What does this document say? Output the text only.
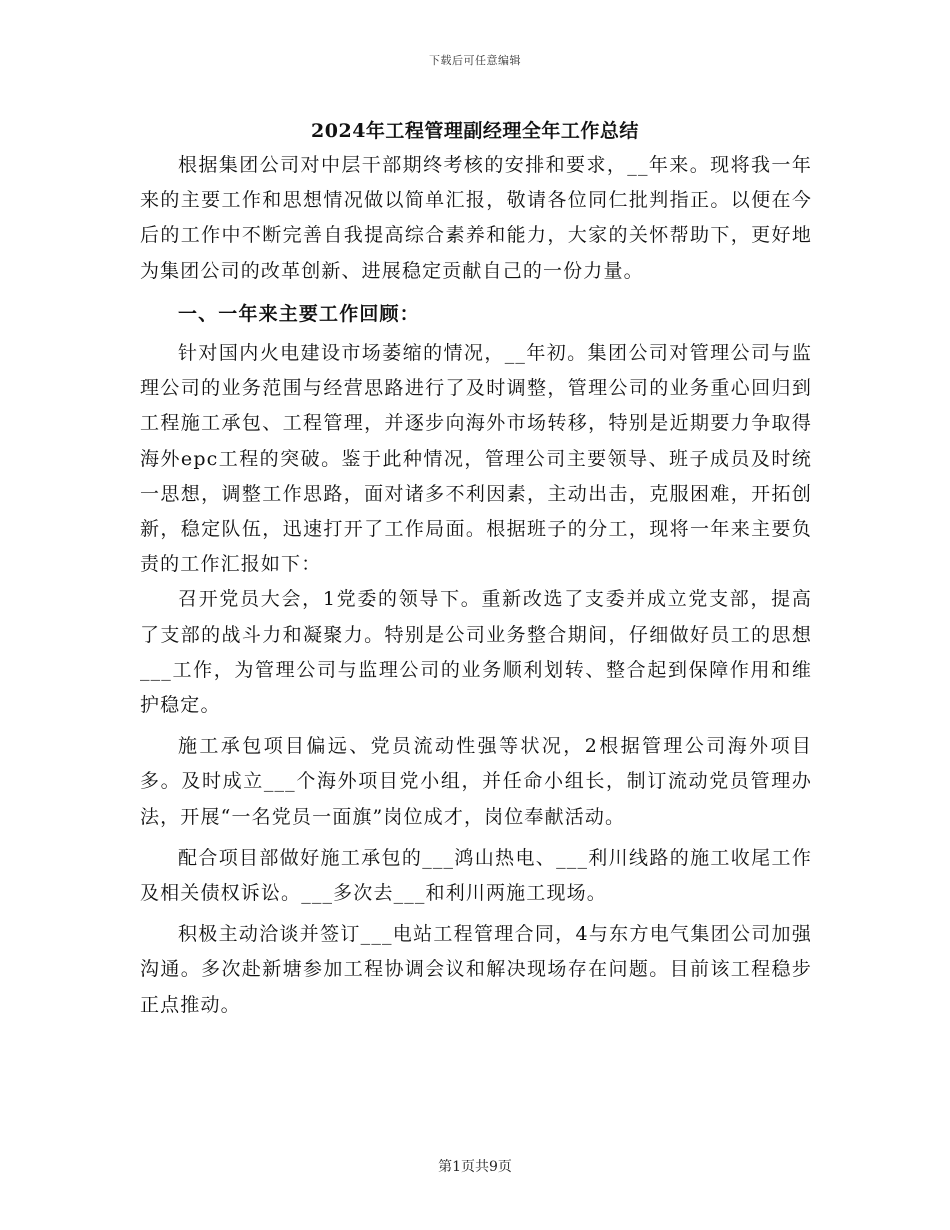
下载后可任意编辑
2024年工程管理副经理全年工作总结

根据集团公司对中层干部期终考核的安排和要求，__年来。现将我一年来的主要工作和思想情况做以简单汇报，敬请各位同仁批判指正。以便在今后的工作中不断完善自我提高综合素养和能力，大家的关怀帮助下，更好地为集团公司的改革创新、进展稳定贡献自己的一份力量。

一、一年来主要工作回顾：

针对国内火电建设市场萎缩的情况，__年初。集团公司对管理公司与监理公司的业务范围与经营思路进行了及时调整，管理公司的业务重心回归到工程施工承包、工程管理，并逐步向海外市场转移，特别是近期要力争取得海外epc工程的突破。鉴于此种情况，管理公司主要领导、班子成员及时统一思想，调整工作思路，面对诸多不利因素，主动出击，克服困难，开拓创新，稳定队伍，迅速打开了工作局面。根据班子的分工，现将一年来主要负责的工作汇报如下：

召开党员大会，1党委的领导下。重新改选了支委并成立党支部，提高了支部的战斗力和凝聚力。特别是公司业务整合期间，仔细做好员工的思想___工作，为管理公司与监理公司的业务顺利划转、整合起到保障作用和维护稳定。

施工承包项目偏远、党员流动性强等状况，2根据管理公司海外项目多。及时成立___个海外项目党小组，并任命小组长，制订流动党员管理办法，开展“一名党员一面旗”岗位成才，岗位奉献活动。

配合项目部做好施工承包的___鸿山热电、___利川线路的施工收尾工作及相关债权诉讼。___多次去___和利川两施工现场。

积极主动洽谈并签订___电站工程管理合同，4与东方电气集团公司加强沟通。多次赴新塘参加工程协调会议和解决现场存在问题。目前该工程稳步正点推动。

第1页共9页
